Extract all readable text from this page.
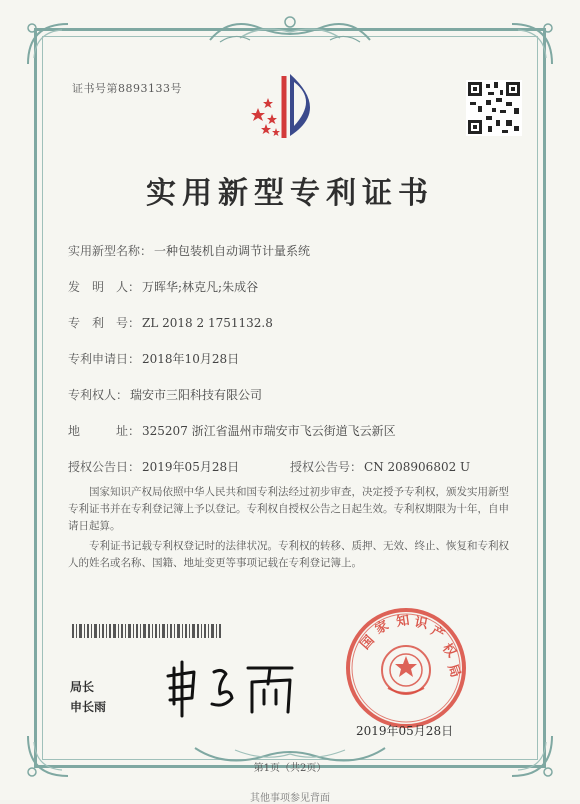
证书号第8893133号
实用新型专利证书
实用新型名称： 一种包装机自动调节计量系统
发　明　人： 万晖华;林克凡;朱成谷
专　利　号： ZL 2018 2 1751132.8
专利申请日： 2018年10月28日
专利权人： 瑞安市三阳科技有限公司
地　　　址： 325207 浙江省温州市瑞安市飞云街道飞云新区
授权公告日： 2019年05月28日	授权公告号： CN 208906802 U
国家知识产权局依照中华人民共和国专利法经过初步审查，决定授予专利权，颁发实用新型专利证书并在专利登记簿上予以登记。专利权自授权公告之日起生效。专利权期限为十年，自申请日起算。
专利证书记载专利权登记时的法律状况。专利权的转移、质押、无效、终止、恢复和专利权人的姓名或名称、国籍、地址变更等事项记载在专利登记簿上。
局长
申长雨
国
家 知 识 产
权
局
2019年05月28日
第1页（共2页）
其他事项参见背面
